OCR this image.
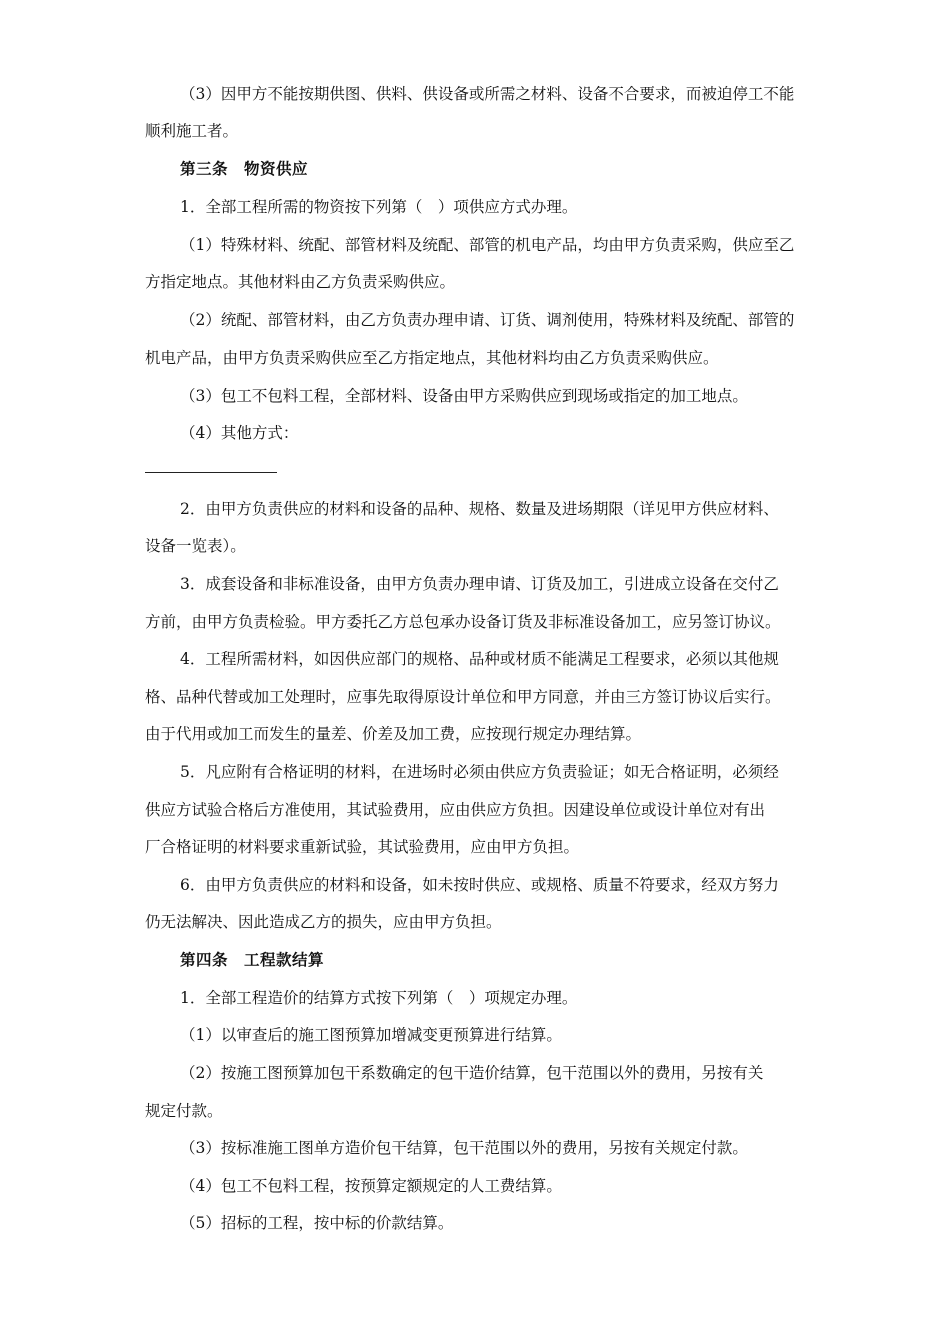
（3）因甲方不能按期供图、供料、供设备或所需之材料、设备不合要求，而被迫停工不能
顺利施工者。
第三条　物资供应
1．全部工程所需的物资按下列第（　）项供应方式办理。
（1）特殊材料、统配、部管材料及统配、部管的机电产品，均由甲方负责采购，供应至乙
方指定地点。其他材料由乙方负责采购供应。
（2）统配、部管材料，由乙方负责办理申请、订货、调剂使用，特殊材料及统配、部管的
机电产品，由甲方负责采购供应至乙方指定地点，其他材料均由乙方负责采购供应。
（3）包工不包料工程，全部材料、设备由甲方采购供应到现场或指定的加工地点。
（4）其他方式：
2．由甲方负责供应的材料和设备的品种、规格、数量及进场期限（详见甲方供应材料、
设备一览表）。
3．成套设备和非标准设备，由甲方负责办理申请、订货及加工，引进成立设备在交付乙
方前，由甲方负责检验。甲方委托乙方总包承办设备订货及非标准设备加工，应另签订协议。
4．工程所需材料，如因供应部门的规格、品种或材质不能满足工程要求，必须以其他规
格、品种代替或加工处理时，应事先取得原设计单位和甲方同意，并由三方签订协议后实行。
由于代用或加工而发生的量差、价差及加工费，应按现行规定办理结算。
5．凡应附有合格证明的材料，在进场时必须由供应方负责验证；如无合格证明，必须经
供应方试验合格后方准使用，其试验费用，应由供应方负担。因建设单位或设计单位对有出
厂合格证明的材料要求重新试验，其试验费用，应由甲方负担。
6．由甲方负责供应的材料和设备，如未按时供应、或规格、质量不符要求，经双方努力
仍无法解决、因此造成乙方的损失，应由甲方负担。
第四条　工程款结算
1．全部工程造价的结算方式按下列第（　）项规定办理。
（1）以审查后的施工图预算加增减变更预算进行结算。
（2）按施工图预算加包干系数确定的包干造价结算，包干范围以外的费用，另按有关
规定付款。
（3）按标准施工图单方造价包干结算，包干范围以外的费用，另按有关规定付款。
（4）包工不包料工程，按预算定额规定的人工费结算。
（5）招标的工程，按中标的价款结算。
